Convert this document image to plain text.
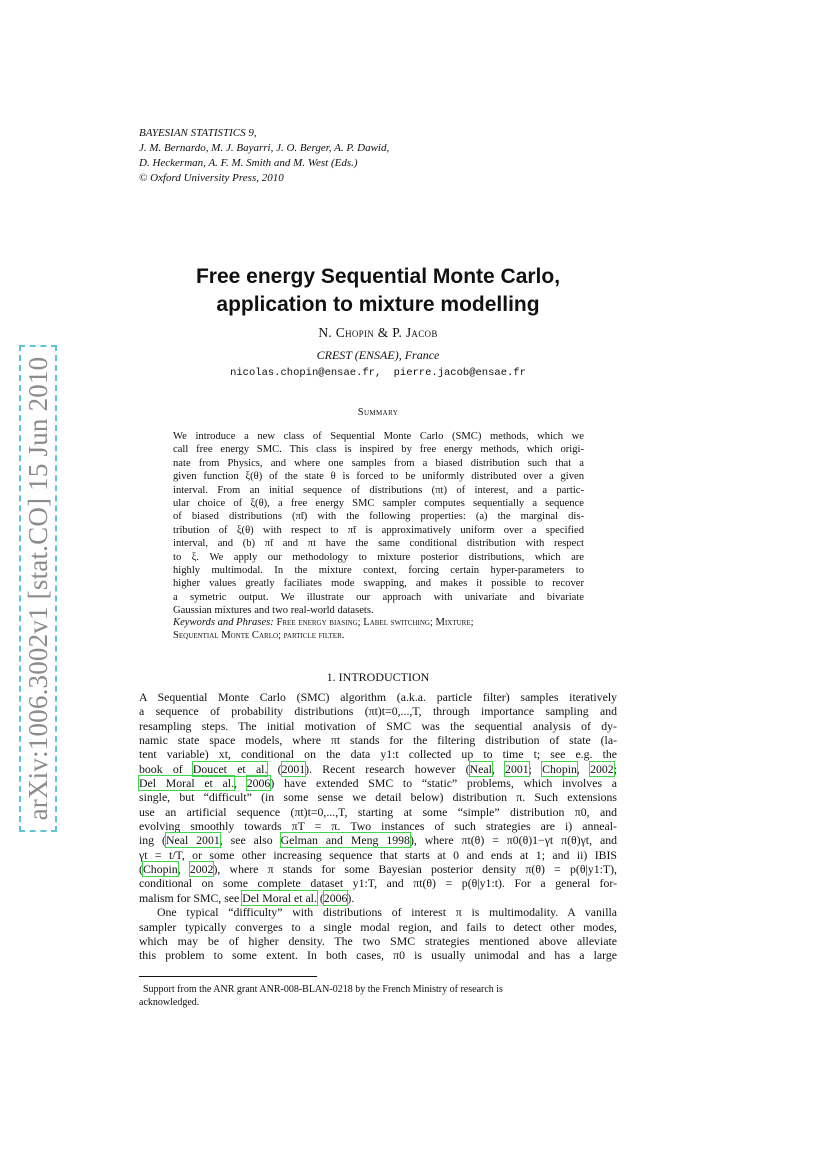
BAYESIAN STATISTICS 9,
J. M. Bernardo, M. J. Bayarri, J. O. Berger, A. P. Dawid,
D. Heckerman, A. F. M. Smith and M. West (Eds.)
© Oxford University Press, 2010
arXiv:1006.3002v1 [stat.CO] 15 Jun 2010
Free energy Sequential Monte Carlo,
application to mixture modelling
N. Chopin & P. Jacob
CREST (ENSAE), France
nicolas.chopin@ensae.fr, pierre.jacob@ensae.fr
Summary
We introduce a new class of Sequential Monte Carlo (SMC) methods, which we
call free energy SMC. This class is inspired by free energy methods, which origi-
nate from Physics, and where one samples from a biased distribution such that a
given function ξ(θ) of the state θ is forced to be uniformly distributed over a given
interval. From an initial sequence of distributions (πt) of interest, and a partic-
ular choice of ξ(θ), a free energy SMC sampler computes sequentially a sequence
of biased distributions (π̃t) with the following properties: (a) the marginal dis-
tribution of ξ(θ) with respect to π̃t is approximatively uniform over a specified
interval, and (b) π̃t and πt have the same conditional distribution with respect
to ξ. We apply our methodology to mixture posterior distributions, which are
highly multimodal. In the mixture context, forcing certain hyper-parameters to
higher values greatly faciliates mode swapping, and makes it possible to recover
a symetric output. We illustrate our approach with univariate and bivariate
Gaussian mixtures and two real-world datasets.
Keywords and Phrases: Free energy biasing; Label switching; Mixture;
Sequential Monte Carlo; particle filter.
1. INTRODUCTION
A Sequential Monte Carlo (SMC) algorithm (a.k.a. particle filter) samples iteratively
a sequence of probability distributions (πt)t=0,...,T, through importance sampling and
resampling steps. The initial motivation of SMC was the sequential analysis of dy-
namic state space models, where πt stands for the filtering distribution of state (la-
tent variable) xt, conditional on the data y1:t collected up to time t; see e.g. the
book of Doucet et al. (2001). Recent research however (Neal, 2001; Chopin, 2002;
Del Moral et al., 2006) have extended SMC to “static” problems, which involves a
single, but “difficult” (in some sense we detail below) distribution π. Such extensions
use an artificial sequence (πt)t=0,...,T, starting at some “simple” distribution π0, and
evolving smoothly towards πT = π. Two instances of such strategies are i) anneal-
ing (Neal 2001, see also Gelman and Meng 1998), where πt(θ) = π0(θ)1−γt π(θ)γt, and
γt = t/T, or some other increasing sequence that starts at 0 and ends at 1; and ii) IBIS
(Chopin, 2002), where π stands for some Bayesian posterior density π(θ) = p(θ|y1:T),
conditional on some complete dataset y1:T, and πt(θ) = p(θ|y1:t). For a general for-
malism for SMC, see Del Moral et al. (2006).
One typical “difficulty” with distributions of interest π is multimodality. A vanilla
sampler typically converges to a single modal region, and fails to detect other modes,
which may be of higher density. The two SMC strategies mentioned above alleviate
this problem to some extent. In both cases, π0 is usually unimodal and has a large
Support from the ANR grant ANR-008-BLAN-0218 by the French Ministry of research is
acknowledged.
